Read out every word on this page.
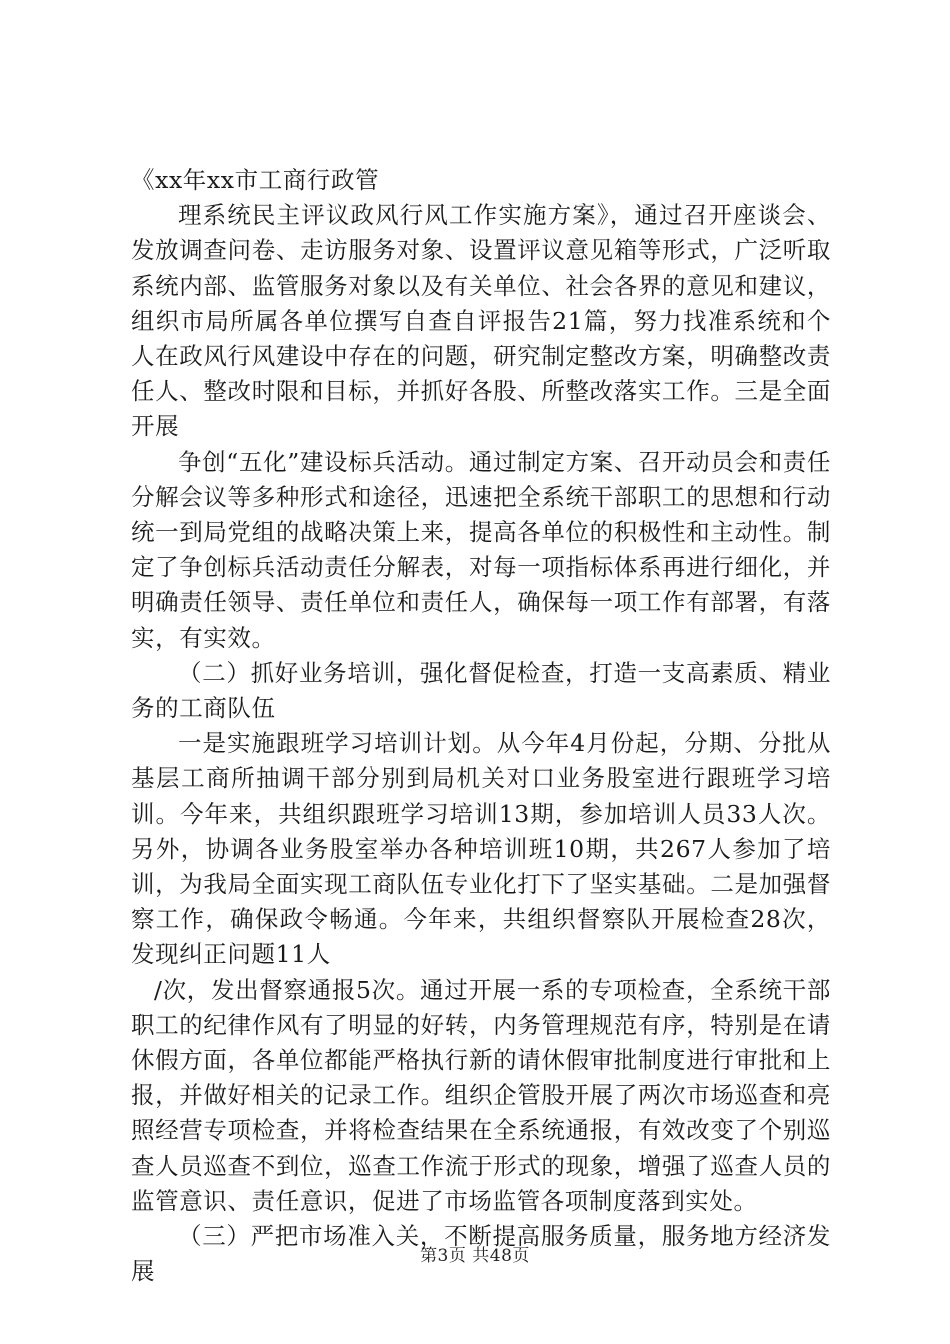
《xx年xx市工商行政管

理系统民主评议政风行风工作实施方案》，通过召开座谈会、发放调查问卷、走访服务对象、设置评议意见箱等形式，广泛听取系统内部、监管服务对象以及有关单位、社会各界的意见和建议，组织市局所属各单位撰写自查自评报告21篇，努力找准系统和个人在政风行风建设中存在的问题，研究制定整改方案，明确整改责任人、整改时限和目标，并抓好各股、所整改落实工作。三是全面开展

争创“五化”建设标兵活动。通过制定方案、召开动员会和责任分解会议等多种形式和途径，迅速把全系统干部职工的思想和行动统一到局党组的战略决策上来，提高各单位的积极性和主动性。制定了争创标兵活动责任分解表，对每一项指标体系再进行细化，并明确责任领导、责任单位和责任人，确保每一项工作有部署，有落实，有实效。

（二）抓好业务培训，强化督促检查，打造一支高素质、精业务的工商队伍

一是实施跟班学习培训计划。从今年4月份起，分期、分批从基层工商所抽调干部分别到局机关对口业务股室进行跟班学习培训。今年来，共组织跟班学习培训13期，参加培训人员33人次。另外，协调各业务股室举办各种培训班10期，共267人参加了培训，为我局全面实现工商队伍专业化打下了坚实基础。二是加强督察工作，确保政令畅通。今年来，共组织督察队开展检查28次，发现纠正问题11人

/次，发出督察通报5次。通过开展一系的专项检查，全系统干部职工的纪律作风有了明显的好转，内务管理规范有序，特别是在请休假方面，各单位都能严格执行新的请休假审批制度进行审批和上报，并做好相关的记录工作。组织企管股开展了两次市场巡查和亮照经营专项检查，并将检查结果在全系统通报，有效改变了个别巡查人员巡查不到位，巡查工作流于形式的现象，增强了巡查人员的监管意识、责任意识，促进了市场监管各项制度落到实处。

（三）严把市场准入关，不断提高服务质量，服务地方经济发展

第3页 共48页
